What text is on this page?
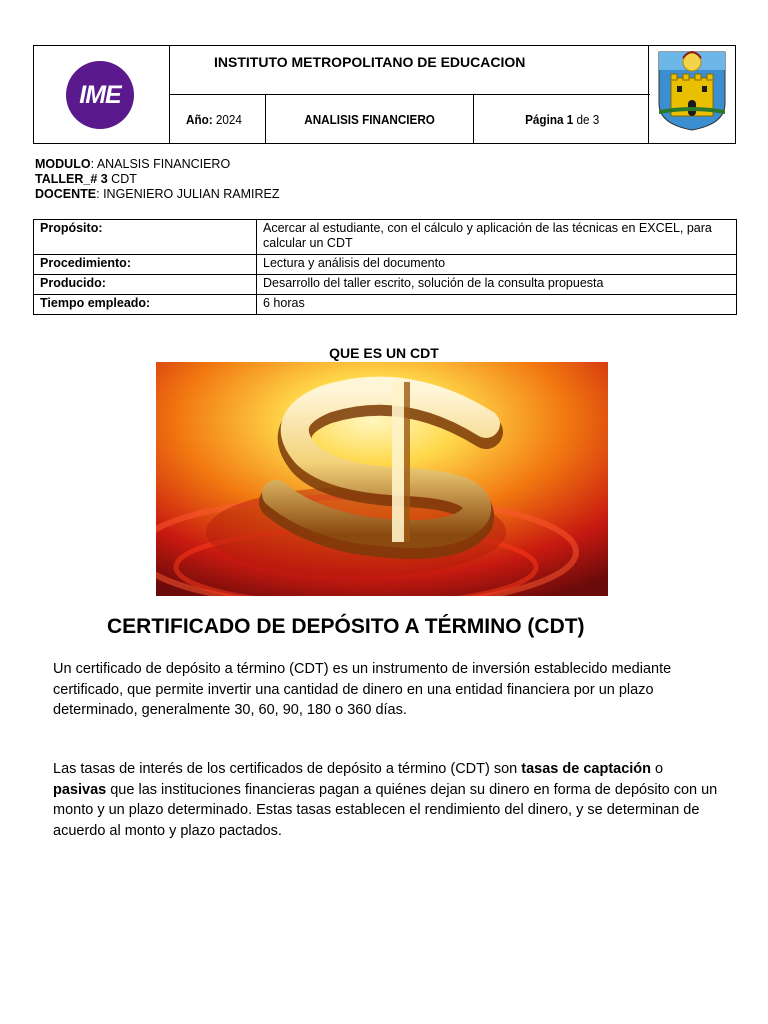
IME
INSTITUTO METROPOLITANO DE EDUCACION
Año: 2024	ANALISIS FINANCIERO	Página 1 de 3
MODULO: ANALSIS FINANCIERO
TALLER_# 3 CDT
DOCENTE: INGENIERO JULIAN RAMIREZ
Propósito:	Acercar al estudiante, con el cálculo y aplicación de las técnicas en EXCEL, para calcular un CDT
Procedimiento:	Lectura y análisis del documento
Producido:	Desarrollo del taller escrito, solución de la consulta propuesta
Tiempo empleado:	6 horas
QUE ES UN CDT
CERTIFICADO DE DEPÓSITO A TÉRMINO (CDT)
Un certificado de depósito a término (CDT) es un instrumento de inversión establecido mediante certificado, que permite invertir una cantidad de dinero en una entidad financiera por un plazo determinado, generalmente 30, 60, 90, 180 o 360 días.
Las tasas de interés de los certificados de depósito a término (CDT) son tasas de captación o pasivas que las instituciones financieras pagan a quiénes dejan su dinero en forma de depósito con un monto y un plazo determinado. Estas tasas establecen el rendimiento del dinero, y se determinan de acuerdo al monto y plazo pactados.
